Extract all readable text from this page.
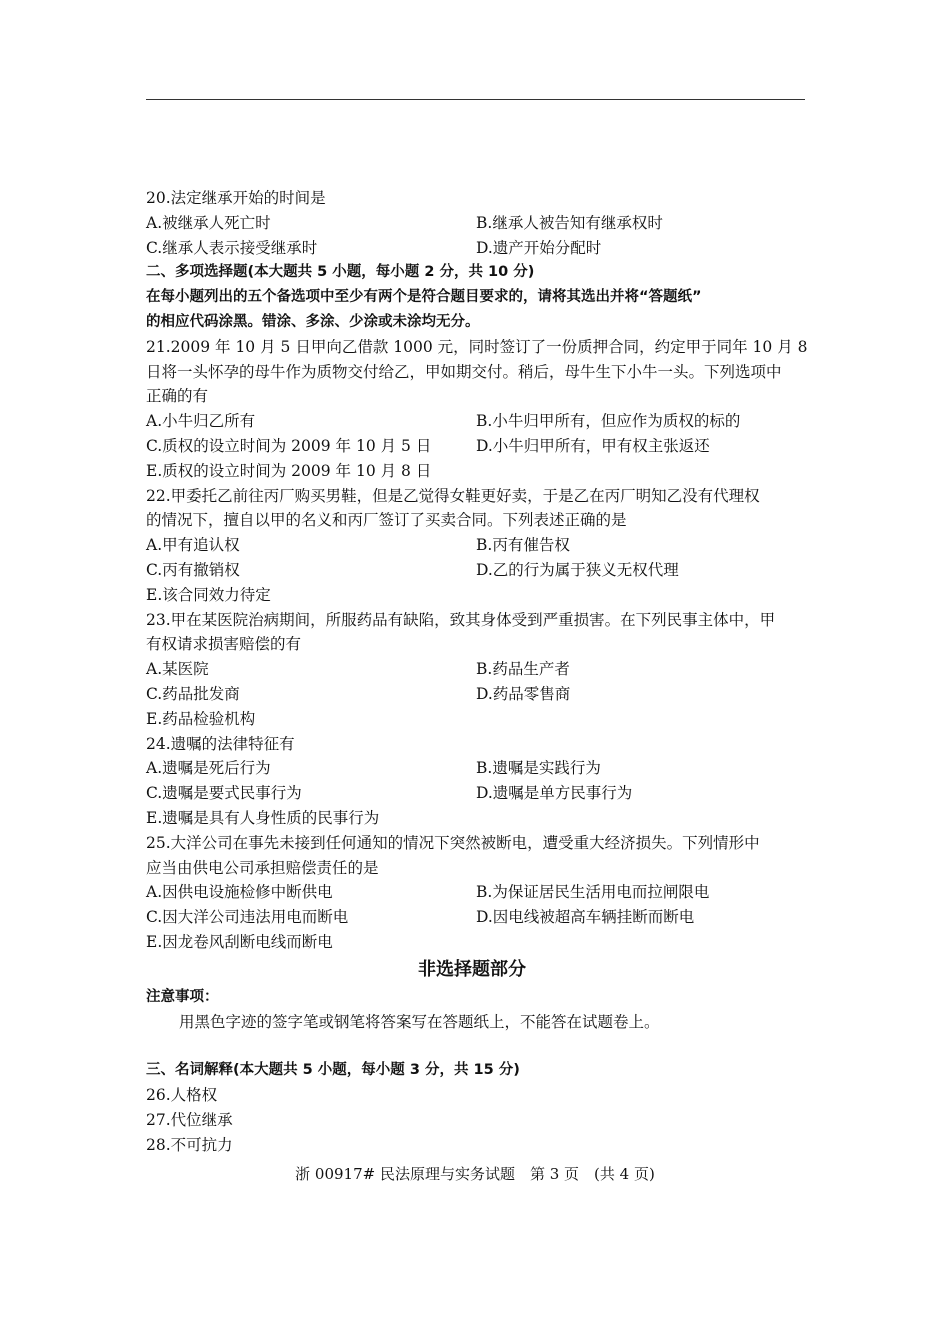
20.法定继承开始的时间是
A.被继承人死亡时	B.继承人被告知有继承权时
C.继承人表示接受继承时	D.遗产开始分配时
二、多项选择题(本大题共 5 小题，每小题 2 分，共 10 分)
在每小题列出的五个备选项中至少有两个是符合题目要求的，请将其选出并将“答题纸”
的相应代码涂黑。错涂、多涂、少涂或未涂均无分。
21.2009 年 10 月 5 日甲向乙借款 1000 元，同时签订了一份质押合同，约定甲于同年 10 月 8
日将一头怀孕的母牛作为质物交付给乙，甲如期交付。稍后，母牛生下小牛一头。下列选项中
正确的有
A.小牛归乙所有	B.小牛归甲所有，但应作为质权的标的
C.质权的设立时间为 2009 年 10 月 5 日	D.小牛归甲所有，甲有权主张返还
E.质权的设立时间为 2009 年 10 月 8 日
22.甲委托乙前往丙厂购买男鞋，但是乙觉得女鞋更好卖，于是乙在丙厂明知乙没有代理权
的情况下，擅自以甲的名义和丙厂签订了买卖合同。下列表述正确的是
A.甲有追认权	B.丙有催告权
C.丙有撤销权	D.乙的行为属于狭义无权代理
E.该合同效力待定
23.甲在某医院治病期间，所服药品有缺陷，致其身体受到严重损害。在下列民事主体中，甲
有权请求损害赔偿的有
A.某医院	B.药品生产者
C.药品批发商	D.药品零售商
E.药品检验机构
24.遗嘱的法律特征有
A.遗嘱是死后行为	B.遗嘱是实践行为
C.遗嘱是要式民事行为	D.遗嘱是单方民事行为
E.遗嘱是具有人身性质的民事行为
25.大洋公司在事先未接到任何通知的情况下突然被断电，遭受重大经济损失。下列情形中
应当由供电公司承担赔偿责任的是
A.因供电设施检修中断供电	B.为保证居民生活用电而拉闸限电
C.因大洋公司违法用电而断电	D.因电线被超高车辆挂断而断电
E.因龙卷风刮断电线而断电
非选择题部分
注意事项：
用黑色字迹的签字笔或钢笔将答案写在答题纸上，不能答在试题卷上。
三、名词解释(本大题共 5 小题，每小题 3 分，共 15 分)
26.人格权
27.代位继承
28.不可抗力
浙 00917# 民法原理与实务试题　第 3 页　(共 4 页)
